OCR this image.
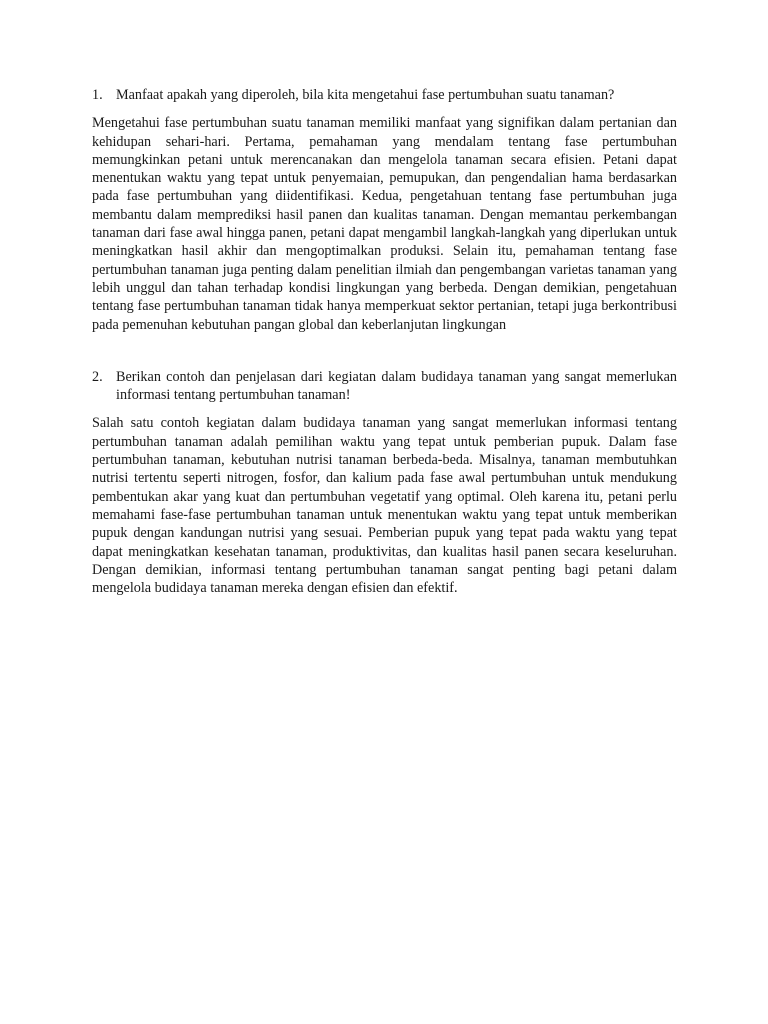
1. Manfaat apakah yang diperoleh, bila kita mengetahui fase pertumbuhan suatu tanaman?

Mengetahui fase pertumbuhan suatu tanaman memiliki manfaat yang signifikan dalam pertanian dan kehidupan sehari-hari. Pertama, pemahaman yang mendalam tentang fase pertumbuhan memungkinkan petani untuk merencanakan dan mengelola tanaman secara efisien. Petani dapat menentukan waktu yang tepat untuk penyemaian, pemupukan, dan pengendalian hama berdasarkan pada fase pertumbuhan yang diidentifikasi. Kedua, pengetahuan tentang fase pertumbuhan juga membantu dalam memprediksi hasil panen dan kualitas tanaman. Dengan memantau perkembangan tanaman dari fase awal hingga panen, petani dapat mengambil langkah-langkah yang diperlukan untuk meningkatkan hasil akhir dan mengoptimalkan produksi. Selain itu, pemahaman tentang fase pertumbuhan tanaman juga penting dalam penelitian ilmiah dan pengembangan varietas tanaman yang lebih unggul dan tahan terhadap kondisi lingkungan yang berbeda. Dengan demikian, pengetahuan tentang fase pertumbuhan tanaman tidak hanya memperkuat sektor pertanian, tetapi juga berkontribusi pada pemenuhan kebutuhan pangan global dan keberlanjutan lingkungan

2. Berikan contoh dan penjelasan dari kegiatan dalam budidaya tanaman yang sangat memerlukan informasi tentang pertumbuhan tanaman!

Salah satu contoh kegiatan dalam budidaya tanaman yang sangat memerlukan informasi tentang pertumbuhan tanaman adalah pemilihan waktu yang tepat untuk pemberian pupuk. Dalam fase pertumbuhan tanaman, kebutuhan nutrisi tanaman berbeda-beda. Misalnya, tanaman membutuhkan nutrisi tertentu seperti nitrogen, fosfor, dan kalium pada fase awal pertumbuhan untuk mendukung pembentukan akar yang kuat dan pertumbuhan vegetatif yang optimal. Oleh karena itu, petani perlu memahami fase-fase pertumbuhan tanaman untuk menentukan waktu yang tepat untuk memberikan pupuk dengan kandungan nutrisi yang sesuai. Pemberian pupuk yang tepat pada waktu yang tepat dapat meningkatkan kesehatan tanaman, produktivitas, dan kualitas hasil panen secara keseluruhan. Dengan demikian, informasi tentang pertumbuhan tanaman sangat penting bagi petani dalam mengelola budidaya tanaman mereka dengan efisien dan efektif.
